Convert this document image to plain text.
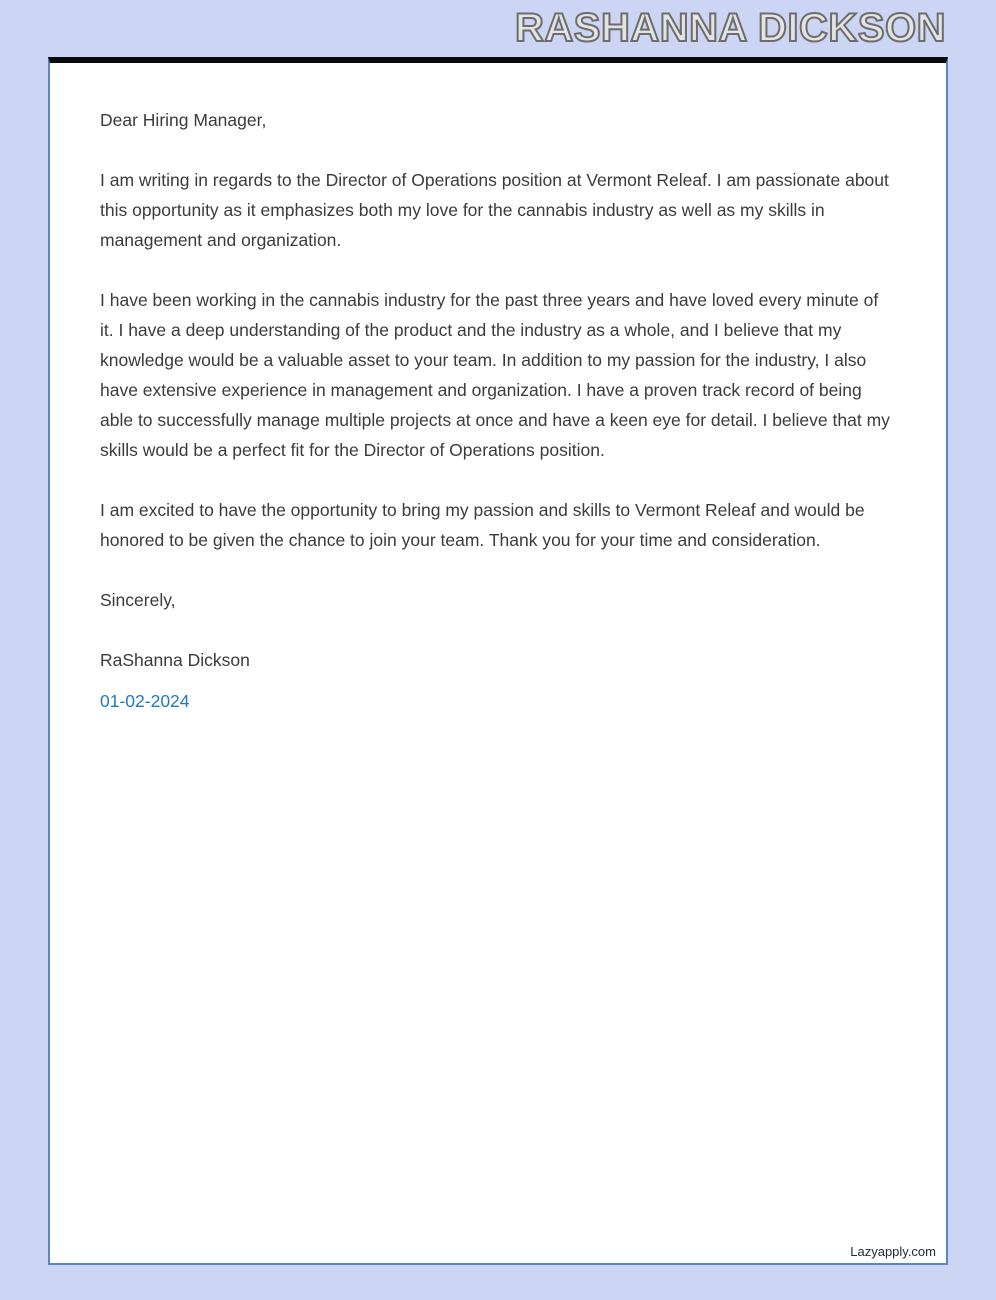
RASHANNA DICKSON

Dear Hiring Manager,

I am writing in regards to the Director of Operations position at Vermont Releaf. I am passionate about this opportunity as it emphasizes both my love for the cannabis industry as well as my skills in management and organization.

I have been working in the cannabis industry for the past three years and have loved every minute of it. I have a deep understanding of the product and the industry as a whole, and I believe that my knowledge would be a valuable asset to your team. In addition to my passion for the industry, I also have extensive experience in management and organization. I have a proven track record of being able to successfully manage multiple projects at once and have a keen eye for detail. I believe that my skills would be a perfect fit for the Director of Operations position.

I am excited to have the opportunity to bring my passion and skills to Vermont Releaf and would be honored to be given the chance to join your team. Thank you for your time and consideration.

Sincerely,

RaShanna Dickson

01-02-2024

Lazyapply.com
